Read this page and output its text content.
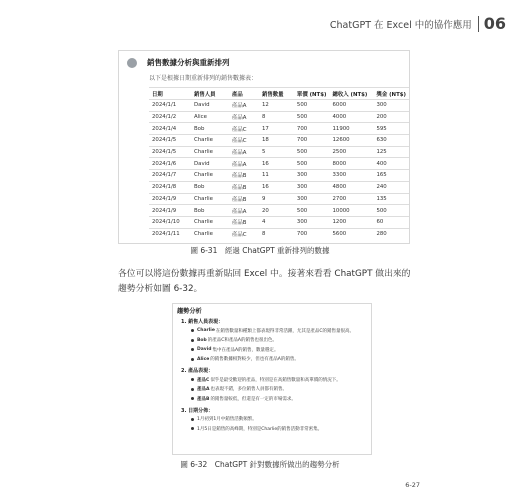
ChatGPT 在 Excel 中的協作應用 06
銷售數據分析與重新排列
以下是根據日期重新排列的銷售數據表：
日期	銷售人員	產品	銷售數量	單價 (NT$)	總收入 (NT$)	獎金 (NT$)
2024/1/1	David	產品A	12	500	6000	300
2024/1/2	Alice	產品A	8	500	4000	200
2024/1/4	Bob	產品C	17	700	11900	595
2024/1/5	Charlie	產品C	18	700	12600	630
2024/1/5	Charlie	產品A	5	500	2500	125
2024/1/6	David	產品A	16	500	8000	400
2024/1/7	Charlie	產品B	11	300	3300	165
2024/1/8	Bob	產品B	16	300	4800	240
2024/1/9	Charlie	產品B	9	300	2700	135
2024/1/9	Bob	產品A	20	500	10000	500
2024/1/10	Charlie	產品B	4	300	1200	60
2024/1/11	Charlie	產品C	8	700	5600	280
圖 6-31　經過 ChatGPT 重新排列的數據
各位可以將這份數據再重新貼回 Excel 中。接著來看看 ChatGPT 做出來的趨勢分析如圖 6-32。
趨勢分析
1. 銷售人員表現：
Charlie 在銷售數量和種類上都表現得非常活躍，尤其是產品C的銷售量很高。
Bob 的產品C和產品A的銷售也很出色。
David 集中在產品A的銷售，數量穩定。
Alice 的銷售數據相對較少，但也有產品A的銷售。
2. 產品表現：
產品C 似乎是最受歡迎的產品，特別是在高銷售數量和高單價的情況下。
產品A 也表現不錯，多位銷售人員都有銷售。
產品B 的銷售量較低，但還是有一定的市場需求。
3. 日期分佈：
1月初到1月中銷售活動頻繁。
1月5日是銷售的高峰期，特別是Charlie的銷售活動非常密集。
圖 6-32　ChatGPT 針對數據所做出的趨勢分析
6-27
